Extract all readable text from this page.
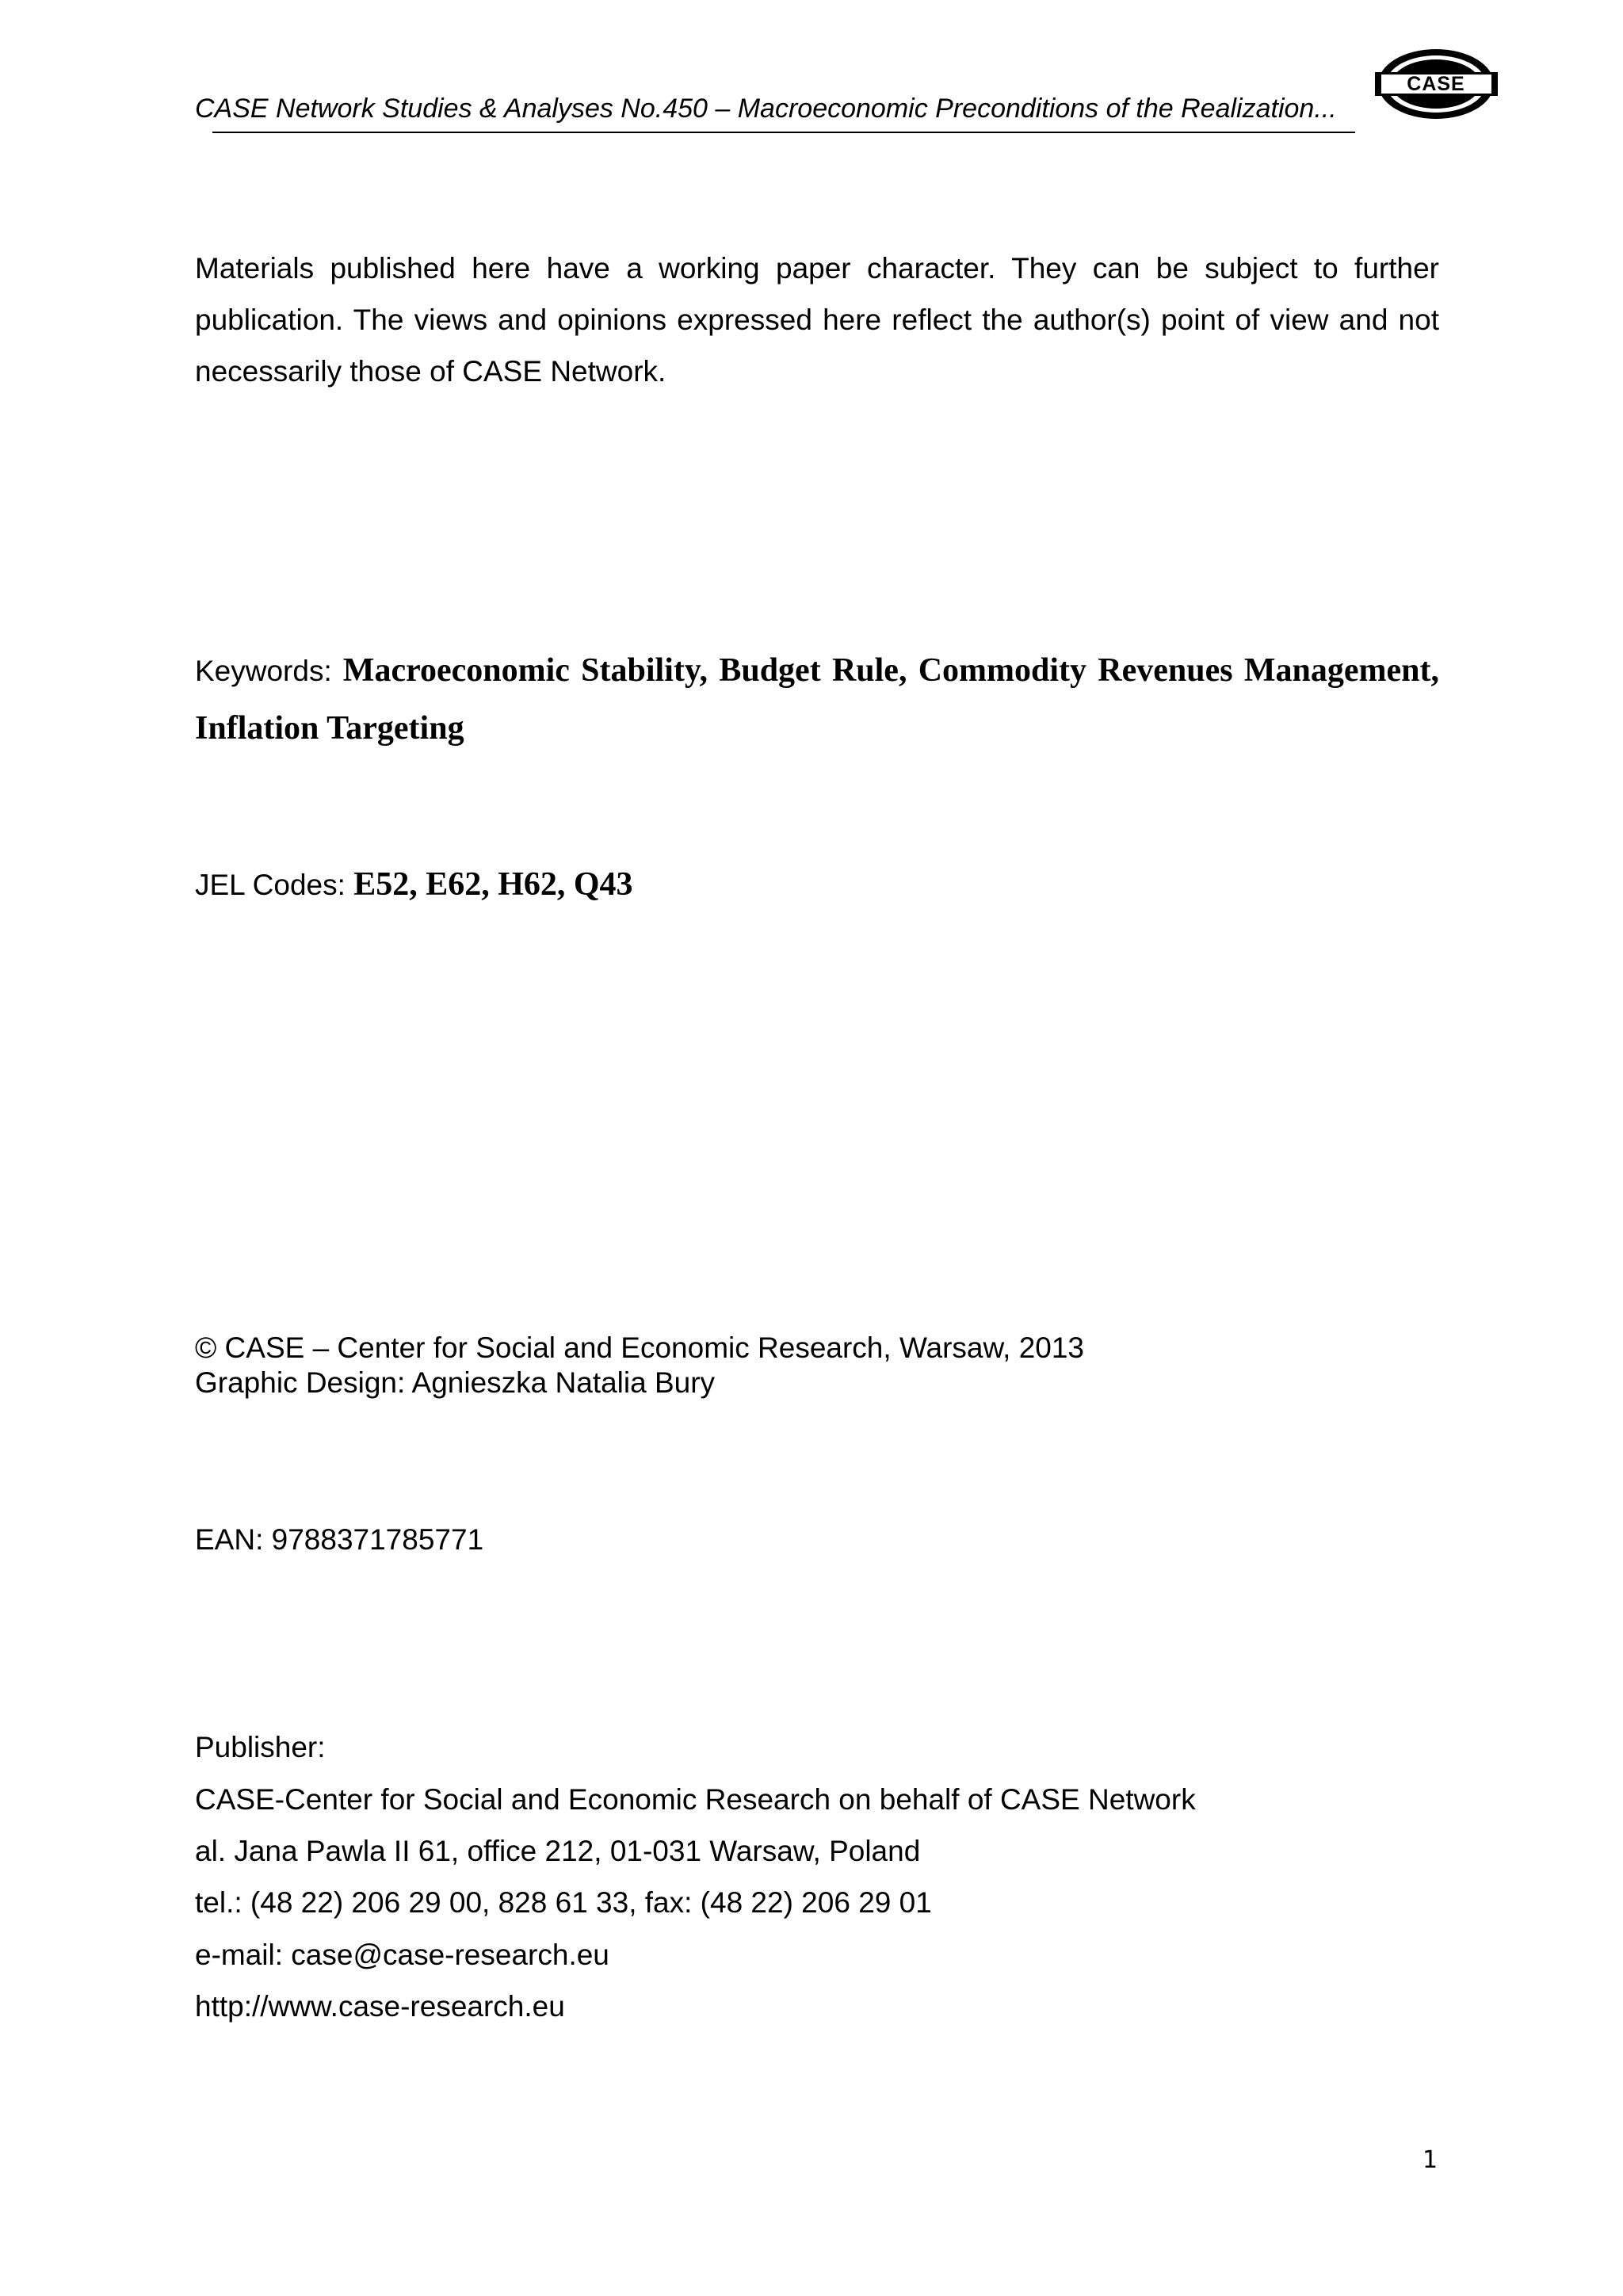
CASE Network Studies & Analyses No.450 – Macroeconomic Preconditions of the Realization...
CASE
Materials published here have a working paper character. They can be subject to further publication. The views and opinions expressed here reflect the author(s) point of view and not necessarily those of CASE Network.
Keywords: Macroeconomic Stability, Budget Rule, Commodity Revenues Management, Inflation Targeting
JEL Codes: E52, E62, H62, Q43
© CASE – Center for Social and Economic Research, Warsaw, 2013
Graphic Design: Agnieszka Natalia Bury
EAN: 9788371785771
Publisher:
CASE-Center for Social and Economic Research on behalf of CASE Network
al. Jana Pawla II 61, office 212, 01-031 Warsaw, Poland
tel.: (48 22) 206 29 00, 828 61 33, fax: (48 22) 206 29 01
e-mail: case@case-research.eu
http://www.case-research.eu
1
